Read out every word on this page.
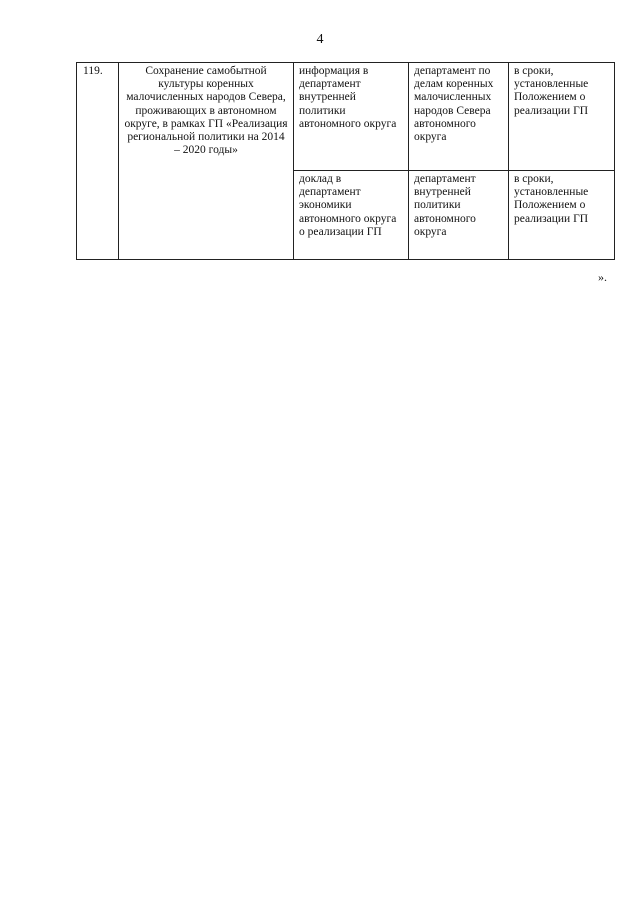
4
119.	Сохранение самобытной культуры коренных малочисленных народов Севера, проживающих в автономном округе, в рамках ГП «Реализация региональной политики на 2014 – 2020 годы»	информация в департамент внутренней политики автономного округа	департамент по делам коренных малочисленных народов Севера автономного округа	в сроки, установленные Положением о реализации ГП
		доклад в департамент экономики автономного округа о реализации ГП	департамент внутренней политики автономного округа	в сроки, установленные Положением о реализации ГП
».
